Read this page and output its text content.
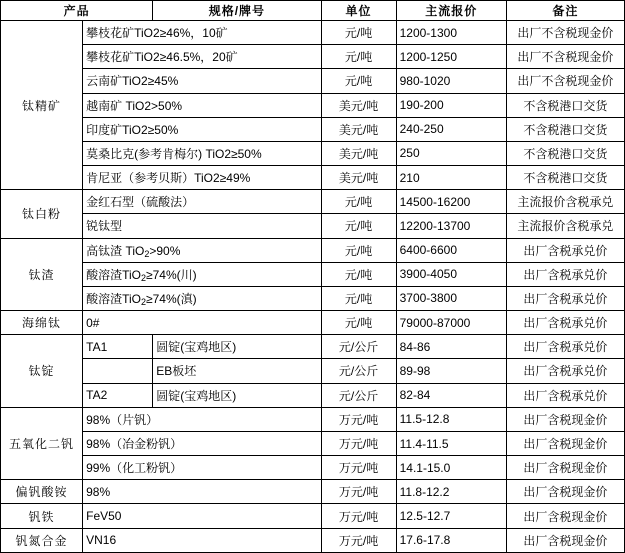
产品		规格/牌号	单位	主流报价	备注
钛精矿	攀枝花矿TiO2≥46%，10矿		元/吨	1200-1300	出厂不含税现金价
	攀枝花矿TiO2≥46.5%，20矿		元/吨	1200-1250	出厂不含税现金价
	云南矿TiO2≥45%		元/吨	980-1020	出厂不含税现金价
	越南矿 TiO2>50%		美元/吨	190-200	不含税港口交货
	印度矿TiO2≥50%		美元/吨	240-250	不含税港口交货
	莫桑比克(参考肯梅尔) TiO2≥50%		美元/吨	250	不含税港口交货
	肯尼亚（参考贝斯）TiO2≥49%		美元/吨	210	不含税港口交货
钛白粉	金红石型（硫酸法）		元/吨	14500-16200	主流报价含税承兑
	锐钛型		元/吨	12200-13700	主流报价含税承兑
钛渣	高钛渣 TiO$_2$>90%		元/吨	6400-6600	出厂含税承兑价
	酸溶渣TiO$_2$≥74%(川)		元/吨	3900-4050	出厂含税承兑价
	酸溶渣TiO$_2$≥74%(滇)		元/吨	3700-3800	出厂含税承兑价
海绵钛	0#		元/吨	79000-87000	出厂含税承兑价
钛锭	TA1	圆锭(宝鸡地区)	元/公斤	84-86	出厂含税承兑价
		EB板坯	元/公斤	89-98	出厂含税承兑价
	TA2	圆锭(宝鸡地区)	元/公斤	82-84	出厂含税承兑价
五氧化二钒	98%（片钒）		万元/吨	11.5-12.8	出厂含税现金价
	98%（冶金粉钒）		万元/吨	11.4-11.5	出厂含税现金价
	99%（化工粉钒）		万元/吨	14.1-15.0	出厂含税现金价
偏钒酸铵	98%		万元/吨	11.8-12.2	出厂含税现金价
钒铁	FeV50		万元/吨	12.5-12.7	出厂含税现金价
钒氮合金	VN16		万元/吨	17.6-17.8	出厂含税现金价
